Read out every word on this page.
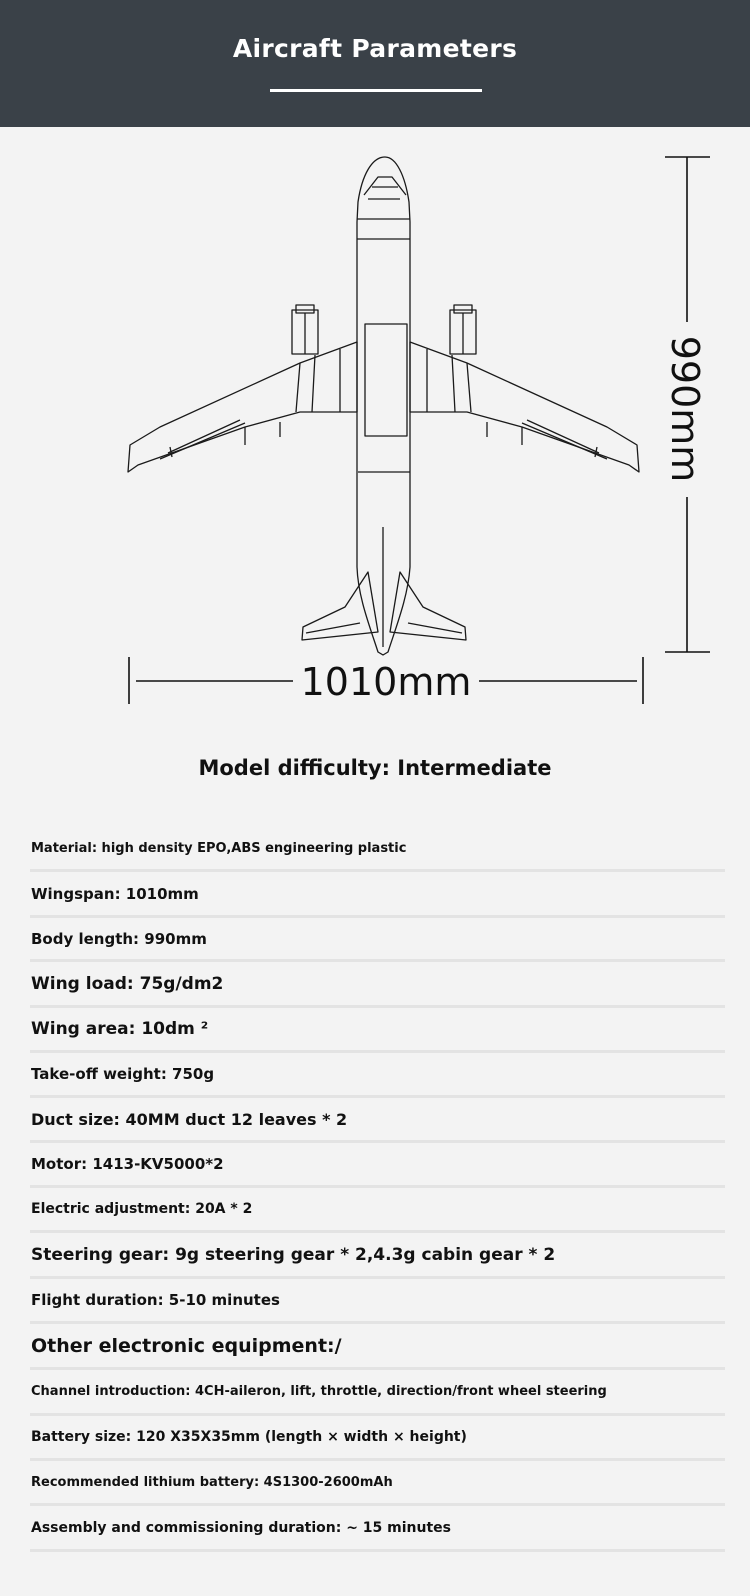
Aircraft Parameters
990mm
1010mm
Model difficulty: Intermediate
Material: high density EPO,ABS engineering plastic
Wingspan: 1010mm
Body length: 990mm
Wing load: 75g/dm2
Wing area: 10dm ²
Take-off weight: 750g
Duct size: 40MM duct 12 leaves * 2
Motor: 1413-KV5000*2
Electric adjustment: 20A * 2
Steering gear: 9g steering gear * 2,4.3g cabin gear * 2
Flight duration: 5-10 minutes
Other electronic equipment:/
Channel introduction: 4CH-aileron, lift, throttle, direction/front wheel steering
Battery size: 120 X35X35mm (length × width × height)
Recommended lithium battery: 4S1300-2600mAh
Assembly and commissioning duration: ~ 15 minutes
